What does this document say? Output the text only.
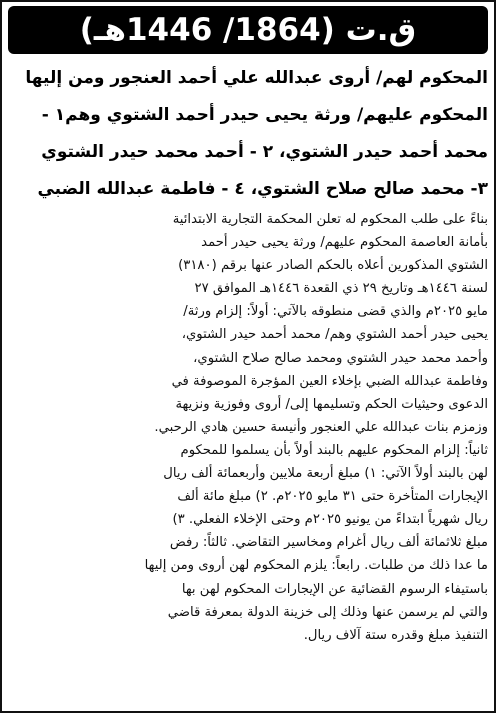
ق.ت (1864/ 1446هـ)
المحكوم لهم/ أروى عبدالله علي أحمد العنجور ومن إليها
المحكوم عليهم/ ورثة يحيى حيدر أحمد الشتوي وهم١ -
محمد أحمد حيدر الشتوي، ٢ - أحمد محمد حيدر الشتوي
٣- محمد صالح صلاح الشتوي، ٤ - فاطمة عبدالله الضبي
بناءً على طلب المحكوم له تعلن المحكمة التجارية الابتدائية
بأمانة العاصمة المحكوم عليهم/ ورثة يحيى حيدر أحمد
الشتوي المذكورين أعلاه بالحكم الصادر عنها برقم (٣١٨٠)
لسنة ١٤٤٦هـ وتاريخ ٢٩ ذي القعدة ١٤٤٦هـ الموافق ٢٧
مايو ٢٠٢٥م والذي قضى منطوقه بالآتي: أولاً: إلزام ورثة/
يحيى حيدر أحمد الشتوي وهم/ محمد أحمد حيدر الشتوي،
وأحمد محمد حيدر الشتوي ومحمد صالح صلاح الشتوي،
وفاطمة عبدالله الضبي بإخلاء العين المؤجرة الموصوفة في
الدعوى وحيثيات الحكم وتسليمها إلى/ أروى وفوزية ونزيهة
وزمزم بنات عبدالله علي العنجور وأنيسة حسين هادي الرحبي.
ثانياً: إلزام المحكوم عليهم بالبند أولاً بأن يسلموا للمحكوم
لهن بالبند أولاً الآتي: ١) مبلغ أربعة ملايين وأربعمائة ألف ريال
الإيجارات المتأخرة حتى ٣١ مايو ٢٠٢٥م. ٢) مبلغ مائة ألف
ريال شهرياً ابتداءً من يونيو ٢٠٢٥م وحتى الإخلاء الفعلي. ٣)
مبلغ ثلاثمائة ألف ريال أغرام ومخاسير التقاضي. ثالثاً: رفض
ما عدا ذلك من طلبات. رابعاً: يلزم المحكوم لهن أروى ومن إليها
باستيفاء الرسوم القضائية عن الإيجارات المحكوم لهن بها
والتي لم يرسمن عنها وذلك إلى خزينة الدولة بمعرفة قاضي
التنفيذ مبلغ وقدره ستة آلاف ريال.
